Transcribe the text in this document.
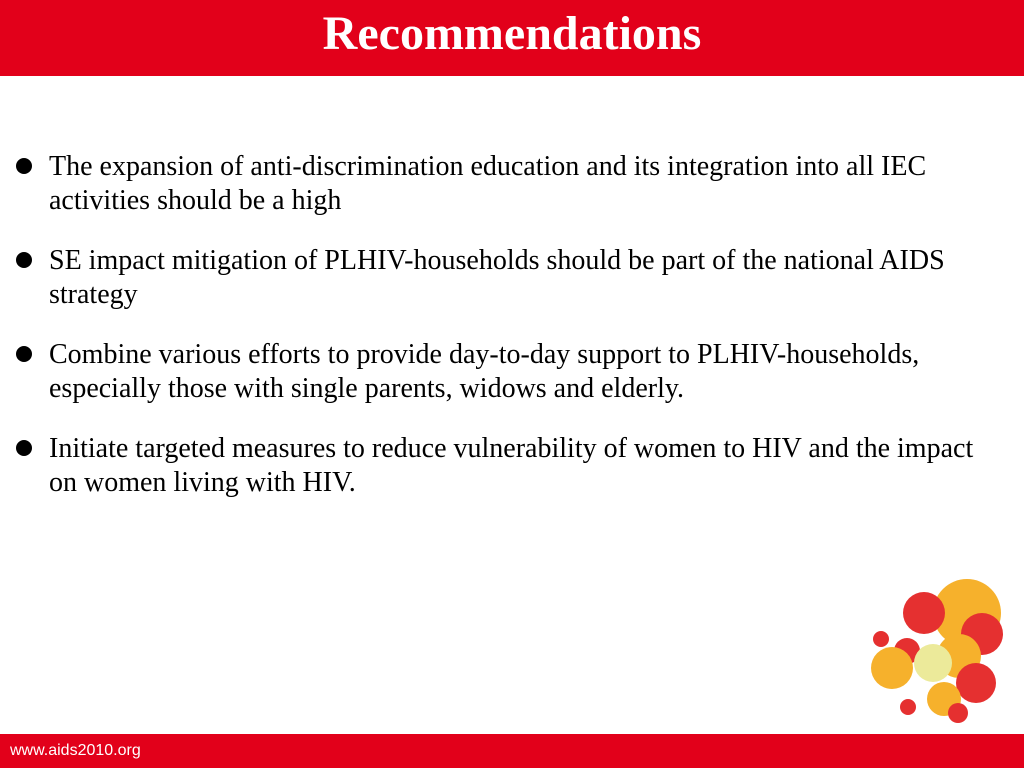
Recommendations
The expansion of anti-discrimination education and its integration into all IEC activities should be a high
SE impact mitigation of PLHIV-households should be part of the national AIDS strategy
Combine various efforts to provide day-to-day support to PLHIV-households, especially those with single parents, widows and elderly.
Initiate targeted measures to reduce vulnerability of women to HIV and the impact on women living with HIV.
www.aids2010.org
